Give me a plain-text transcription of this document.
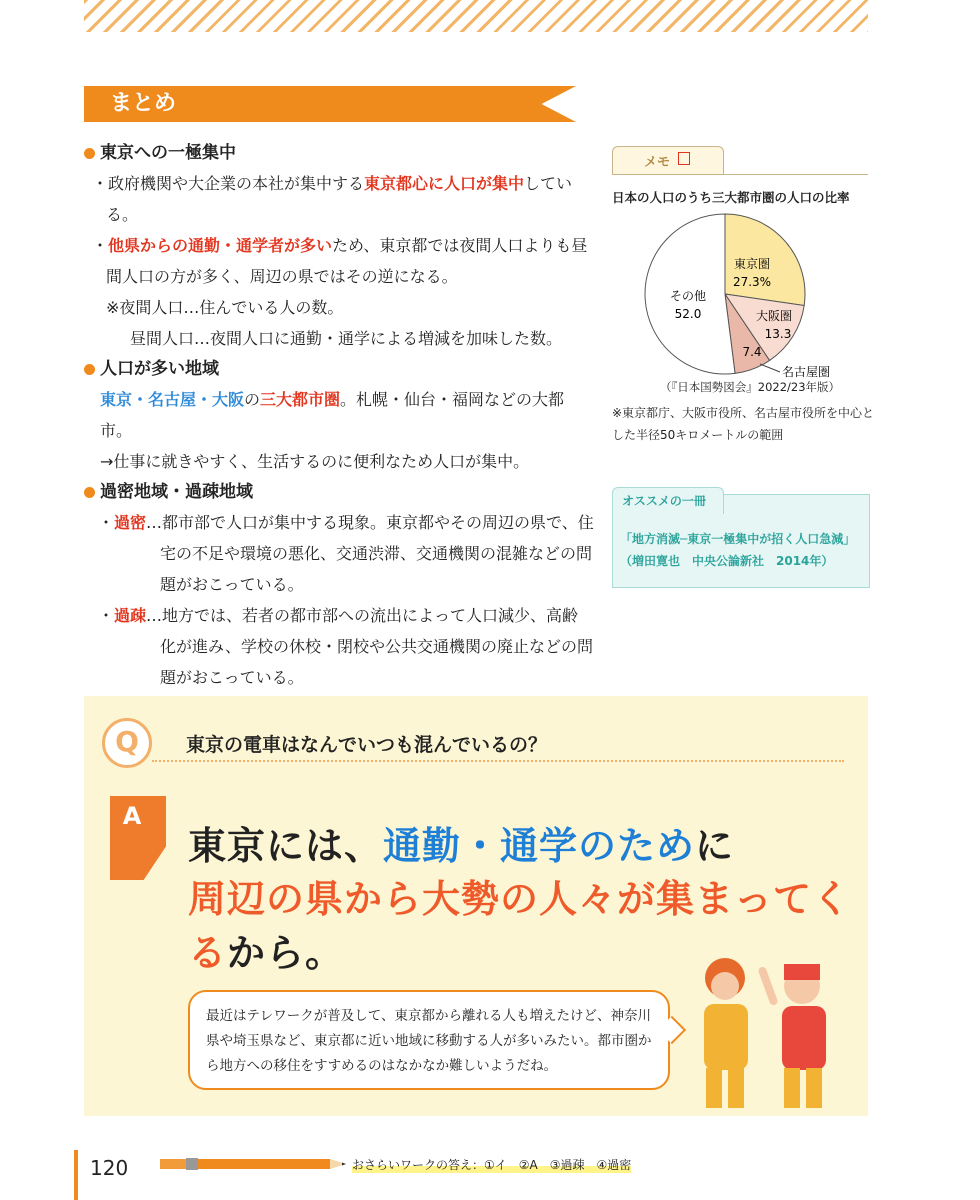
まとめ
東京への一極集中
・政府機関や大企業の本社が集中する東京都心に人口が集中している。
・他県からの通勤・通学者が多いため、東京都では夜間人口よりも昼間人口の方が多く、周辺の県ではその逆になる。
※夜間人口…住んでいる人の数。
昼間人口…夜間人口に通勤・通学による増減を加味した数。
人口が多い地域
東京・名古屋・大阪の三大都市圏。札幌・仙台・福岡などの大都市。
→仕事に就きやすく、生活するのに便利なため人口が集中。
過密地域・過疎地域
・過密…都市部で人口が集中する現象。東京都やその周辺の県で、住宅の不足や環境の悪化、交通渋滞、交通機関の混雑などの問題がおこっている。
・過疎…地方では、若者の都市部への流出によって人口減少、高齢化が進み、学校の休校・閉校や公共交通機関の廃止などの問題がおこっている。
メモ
日本の人口のうち三大都市圏の人口の比率
東京圏
27.3%
大阪圏
13.3
7.4
その他
52.0
名古屋圏
（『日本国勢図会』2022/23年版）
※東京都庁、大阪市役所、名古屋市役所を中心と
した半径50キロメートルの範囲
オススメの一冊
「地方消滅─東京一極集中が招く人口急減」
（増田寛也　中央公論新社　2014年）
Q	東京の電車はなんでいつも混んでいるの？
A
東京には、通勤・通学のために
周辺の県から大勢の人々が集まってく
るから。
最近はテレワークが普及して、東京都から離れる人も増えたけど、神奈川県や埼玉県など、東京都に近い地域に移動する人が多いみたい。都市圏から地方への移住をすすめるのはなかなか難しいようだね。
120	おさらいワークの答え：①イ　②A　③過疎　④過密
